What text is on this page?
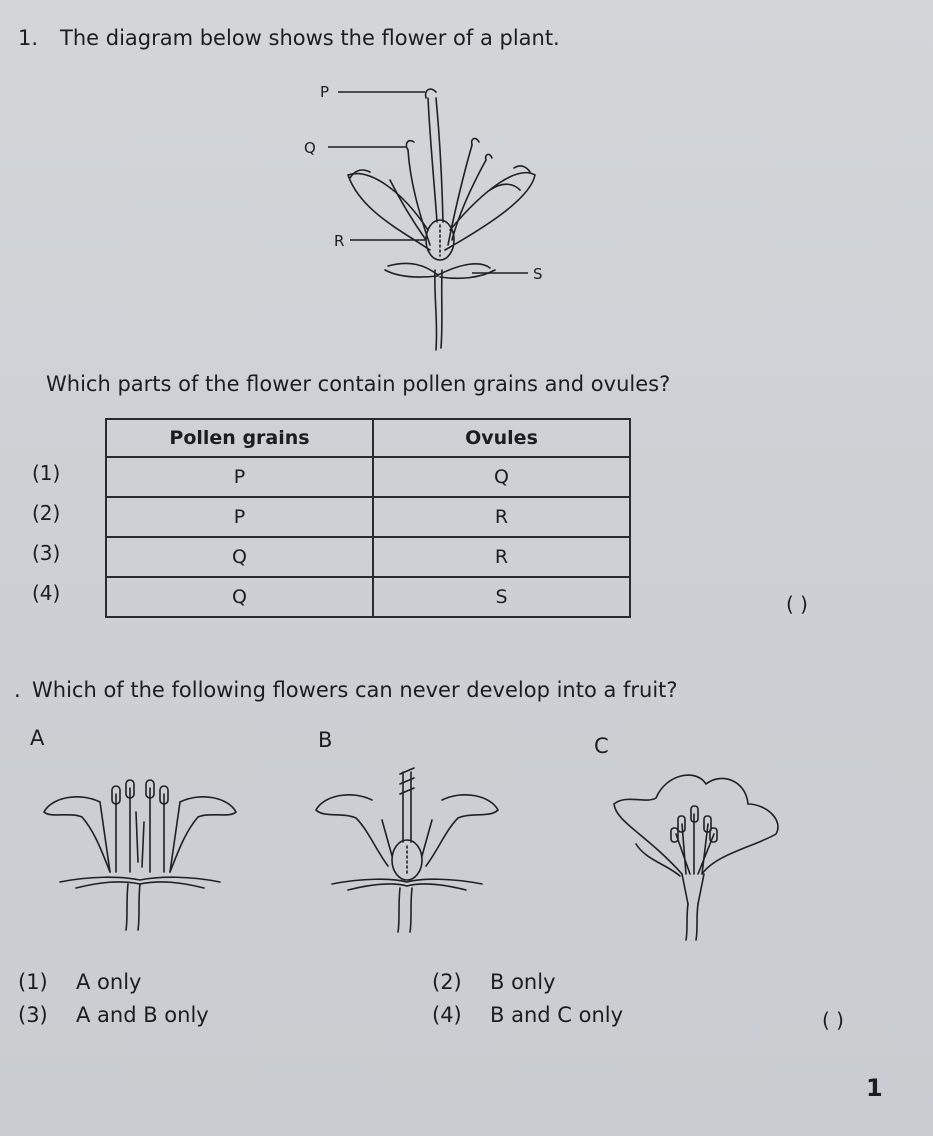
1. The diagram below shows the flower of a plant.
P
Q
R
S
Which parts of the flower contain pollen grains and ovules?
(1)
(2)
(3)
(4)
Pollen grains	Ovules
P	Q
P	R
Q	R
Q	S	( )
. Which of the following flowers can never develop into a fruit?
A	B	C
(1) A only	(2) B only
(3) A and B only	(4) B and C only	( )
1
